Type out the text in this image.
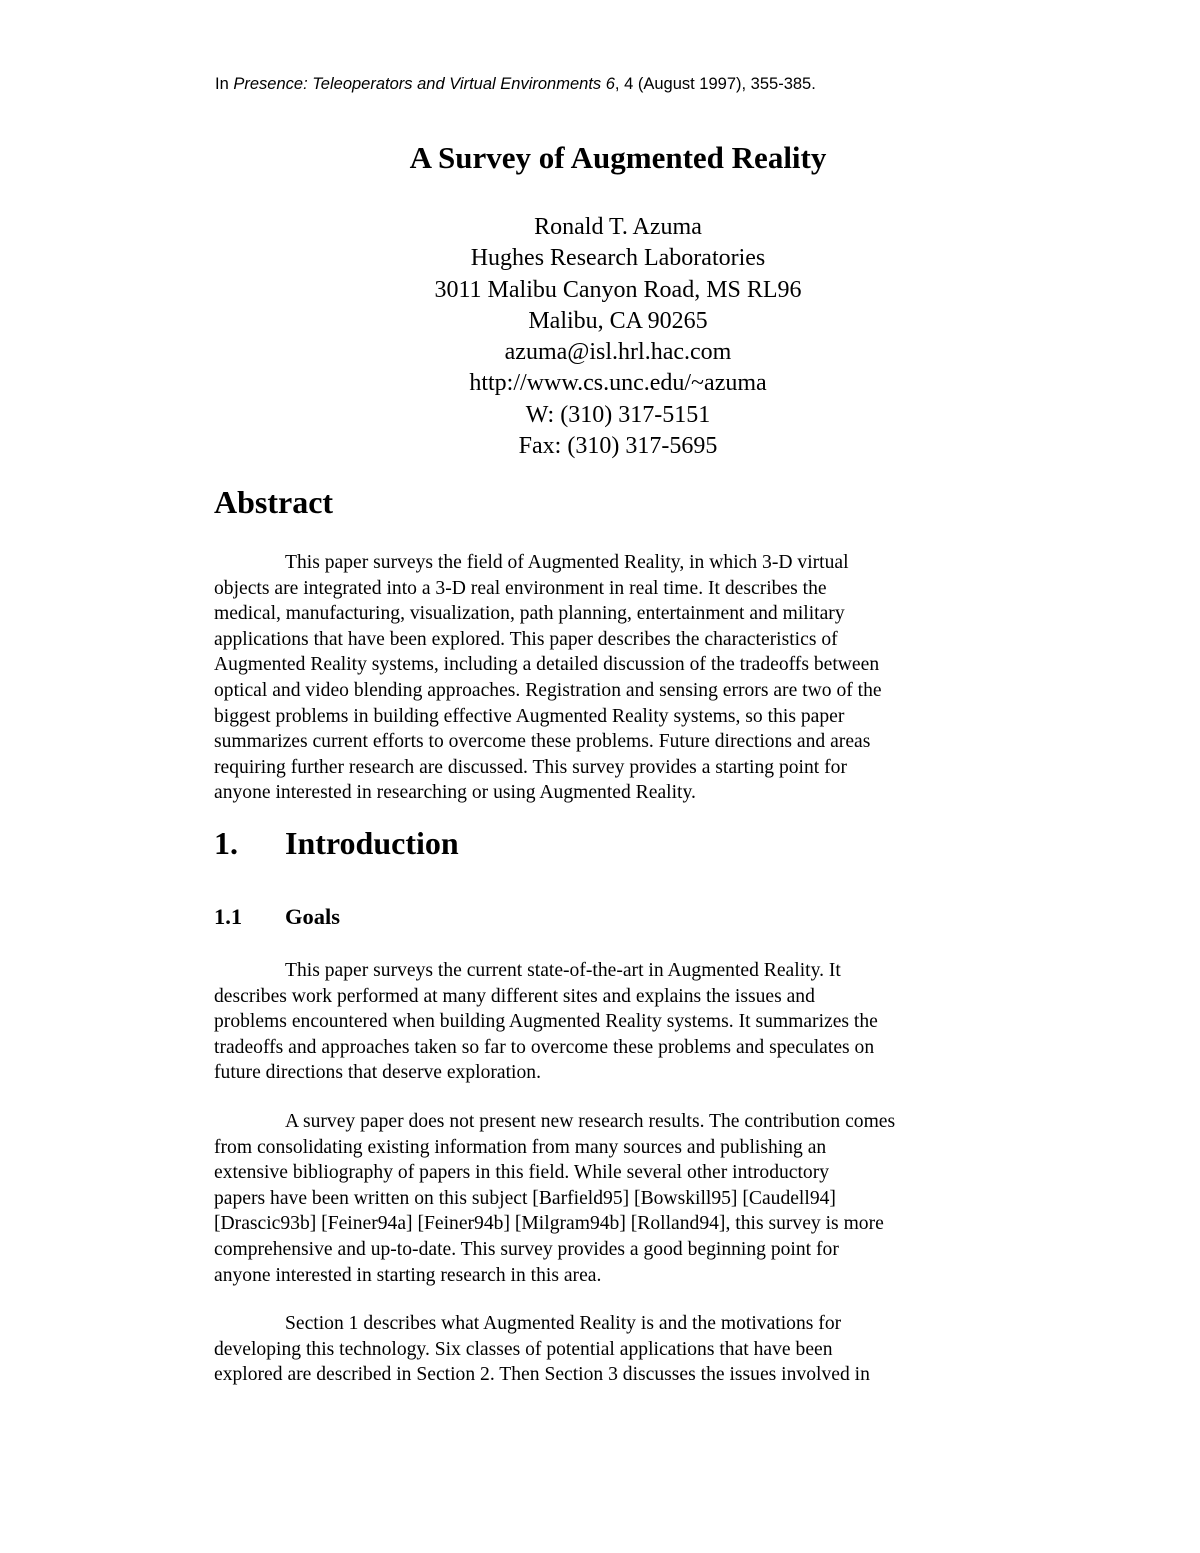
In Presence: Teleoperators and Virtual Environments 6, 4 (August 1997), 355-385.
A Survey of Augmented Reality
Ronald T. Azuma
Hughes Research Laboratories
3011 Malibu Canyon Road, MS RL96
Malibu, CA 90265
azuma@isl.hrl.hac.com
http://www.cs.unc.edu/~azuma
W: (310) 317-5151
Fax: (310) 317-5695
Abstract

This paper surveys the field of Augmented Reality, in which 3-D virtual
objects are integrated into a 3-D real environment in real time. It describes the
medical, manufacturing, visualization, path planning, entertainment and military
applications that have been explored. This paper describes the characteristics of
Augmented Reality systems, including a detailed discussion of the tradeoffs between
optical and video blending approaches. Registration and sensing errors are two of the
biggest problems in building effective Augmented Reality systems, so this paper
summarizes current efforts to overcome these problems. Future directions and areas
requiring further research are discussed. This survey provides a starting point for
anyone interested in researching or using Augmented Reality.

1. Introduction
1.1 Goals

This paper surveys the current state-of-the-art in Augmented Reality. It
describes work performed at many different sites and explains the issues and
problems encountered when building Augmented Reality systems. It summarizes the
tradeoffs and approaches taken so far to overcome these problems and speculates on
future directions that deserve exploration.

A survey paper does not present new research results. The contribution comes
from consolidating existing information from many sources and publishing an
extensive bibliography of papers in this field. While several other introductory
papers have been written on this subject [Barfield95] [Bowskill95] [Caudell94]
[Drascic93b] [Feiner94a] [Feiner94b] [Milgram94b] [Rolland94], this survey is more
comprehensive and up-to-date. This survey provides a good beginning point for
anyone interested in starting research in this area.

Section 1 describes what Augmented Reality is and the motivations for
developing this technology. Six classes of potential applications that have been
explored are described in Section 2. Then Section 3 discusses the issues involved in
